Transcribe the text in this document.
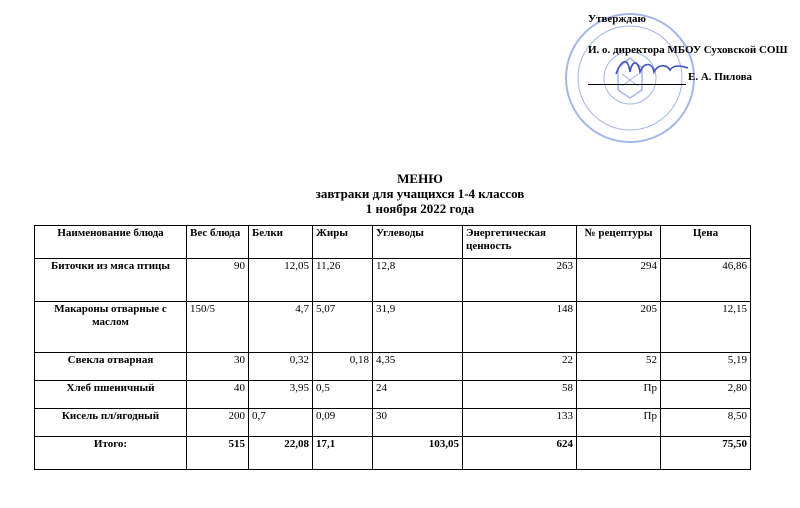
Утверждаю
И. о. директора МБОУ Суховской СОШ
Е. А. Пилова
МЕНЮ
завтраки для учащихся 1-4 классов
1 ноября 2022 года
Наименование блюда	Вес блюда	Белки	Жиры	Углеводы	Энергетическая ценность	№ рецептуры	Цена
Биточки из мяса птицы	90	12,05	11,26	12,8	263	294	46,86
Макароны отварные с маслом	150/5	4,7	5,07	31,9	148	205	12,15
Свекла отварная	30	0,32	0,18	4,35	22	52	5,19
Хлеб пшеничный	40	3,95	0,5	24	58	Пр	2,80
Кисель пл/ягодный	200	0,7	0,09	30	133	Пр	8,50
Итого:	515	22,08	17,1	103,05	624		75,50
